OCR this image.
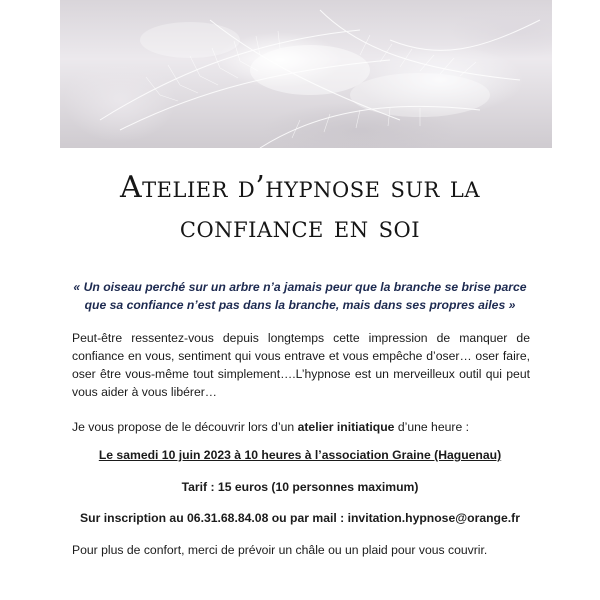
Atelier d’hypnose sur la
confiance en soi
« Un oiseau perché sur un arbre n’a jamais peur que la branche se brise parce
que sa confiance n’est pas dans la branche, mais dans ses propres ailes »

Peut-être ressentez-vous depuis longtemps cette impression de manquer de confiance en vous, sentiment qui vous entrave et vous empêche d’oser… oser faire, oser être vous-même tout simplement….L’hypnose est un merveilleux outil qui peut vous aider à vous libérer…

Je vous propose de le découvrir lors d’un atelier initiatique d’une heure :

Le samedi 10 juin 2023 à 10 heures à l’association Graine (Haguenau)
Tarif : 15 euros (10 personnes maximum)
Sur inscription au 06.31.68.84.08 ou par mail : invitation.hypnose@orange.fr

Pour plus de confort, merci de prévoir un châle ou un plaid pour vous couvrir.
